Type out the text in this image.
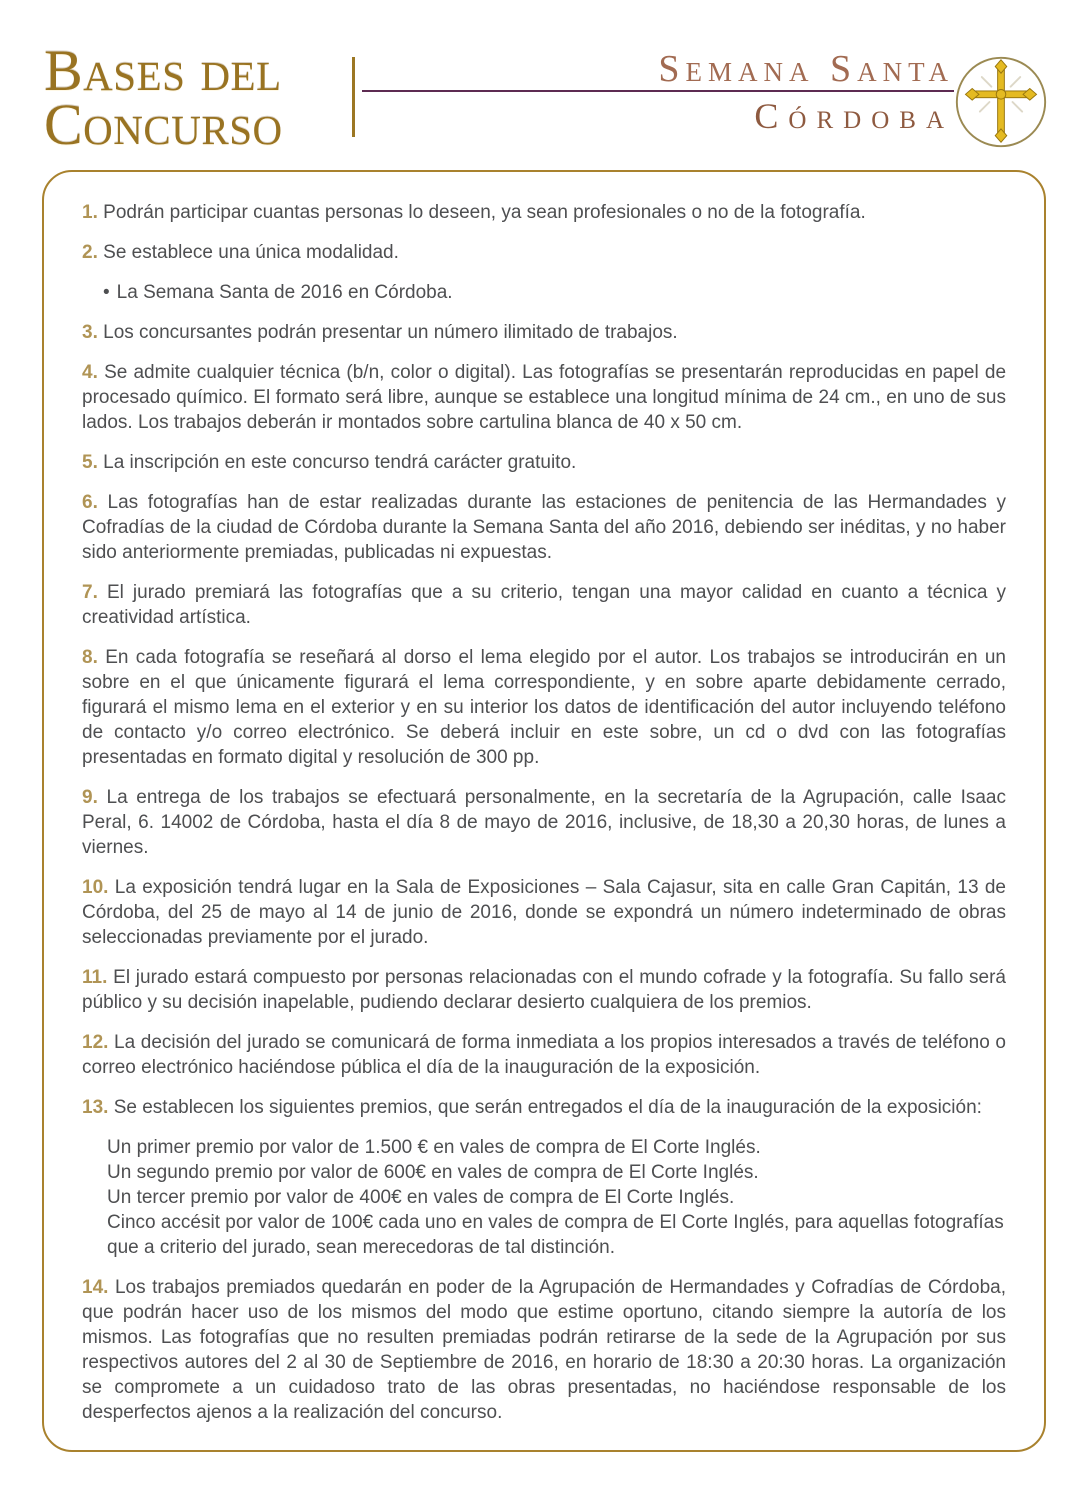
Bases del
Concurso
Semana Santa
Córdoba

1. Podrán participar cuantas personas lo deseen, ya sean profesionales o no de la fotografía.

2. Se establece una única modalidad.

• La Semana Santa de 2016 en Córdoba.

3. Los concursantes podrán presentar un número ilimitado de trabajos.

4. Se admite cualquier técnica (b/n, color o digital). Las fotografías se presentarán reproducidas en papel de procesado químico. El formato será libre, aunque se establece una longitud mínima de 24 cm., en uno de sus lados. Los trabajos deberán ir montados sobre cartulina blanca de 40 x 50 cm.

5. La inscripción en este concurso tendrá carácter gratuito.

6. Las fotografías han de estar realizadas durante las estaciones de penitencia de las Hermandades y Cofradías de la ciudad de Córdoba durante la Semana Santa del año 2016, debiendo ser inéditas, y no haber sido anteriormente premiadas, publicadas ni expuestas.

7. El jurado premiará las fotografías que a su criterio, tengan una mayor calidad en cuanto a técnica y creatividad artística.

8. En cada fotografía se reseñará al dorso el lema elegido por el autor. Los trabajos se introducirán en un sobre en el que únicamente figurará el lema correspondiente, y en sobre aparte debidamente cerrado, figurará el mismo lema en el exterior y en su interior los datos de identificación del autor incluyendo teléfono de contacto y/o correo electrónico. Se deberá incluir en este sobre, un cd o dvd con las fotografías presentadas en formato digital y resolución de 300 pp.

9. La entrega de los trabajos se efectuará personalmente, en la secretaría de la Agrupación, calle Isaac Peral, 6. 14002 de Córdoba, hasta el día 8 de mayo de 2016, inclusive, de 18,30 a 20,30 horas, de lunes a viernes.

10. La exposición tendrá lugar en la Sala de Exposiciones – Sala Cajasur, sita en calle Gran Capitán, 13 de Córdoba, del 25 de mayo al 14 de junio de 2016, donde se expondrá un número indeterminado de obras seleccionadas previamente por el jurado.

11. El jurado estará compuesto por personas relacionadas con el mundo cofrade y la fotografía. Su fallo será público y su decisión inapelable, pudiendo declarar desierto cualquiera de los premios.

12. La decisión del jurado se comunicará de forma inmediata a los propios interesados a través de teléfono o correo electrónico haciéndose pública el día de la inauguración de la exposición.

13. Se establecen los siguientes premios, que serán entregados el día de la inauguración de la exposición:

Un primer premio por valor de 1.500 € en vales de compra de El Corte Inglés.

Un segundo premio por valor de 600€ en vales de compra de El Corte Inglés.

Un tercer premio por valor de 400€ en vales de compra de El Corte Inglés.

Cinco accésit por valor de 100€ cada uno en vales de compra de El Corte Inglés, para aquellas fotografías que a criterio del jurado, sean merecedoras de tal distinción.

14. Los trabajos premiados quedarán en poder de la Agrupación de Hermandades y Cofradías de Córdoba, que podrán hacer uso de los mismos del modo que estime oportuno, citando siempre la autoría de los mismos. Las fotografías que no resulten premiadas podrán retirarse de la sede de la Agrupación por sus respectivos autores del 2 al 30 de Septiembre de 2016, en horario de 18:30 a 20:30 horas. La organización se compromete a un cuidadoso trato de las obras presentadas, no haciéndose responsable de los desperfectos ajenos a la realización del concurso.
